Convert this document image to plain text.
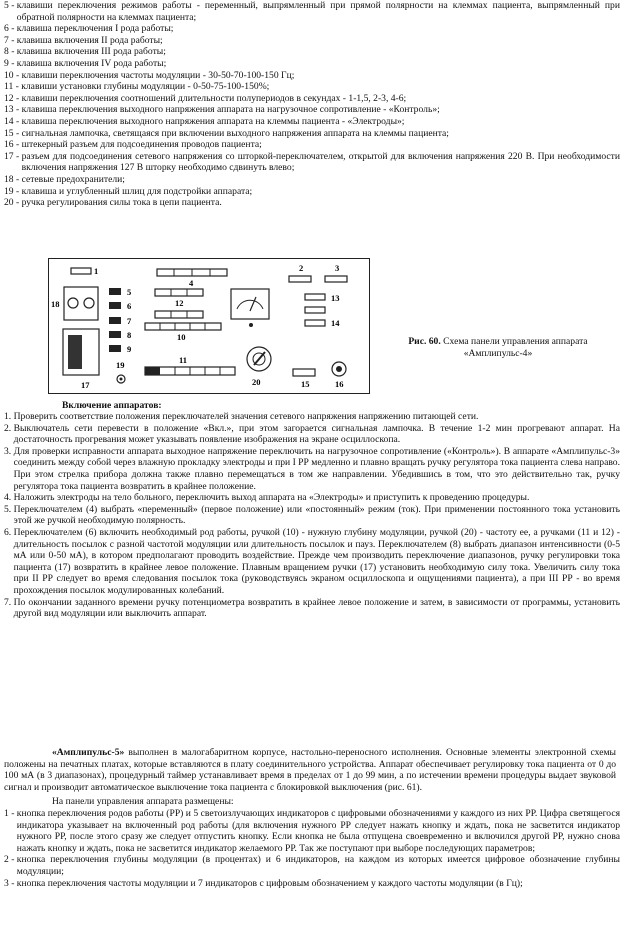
5 - клавиши переключения режимов работы - переменный, выпрямленный при прямой полярности на клеммах пациента, выпрямленный при обратной полярности на клеммах пациента;
6 - клавиша переключения I рода работы;
7 - клавиша включения II рода работы;
8 - клавиша включения III рода работы;
9 - клавиша включения IV рода работы;
10 - клавиши переключения частоты модуляции - 30-50-70-100-150 Гц;
11 - клавиши установки глубины модуляции - 0-50-75-100-150%;
12 - клавиши переключения соотношений длительности полупериодов в секундах - 1-1,5, 2-3, 4-6;
13 - клавиша переключения выходного напряжения аппарата на нагрузочное сопротивление - «Контроль»;
14 - клавиша переключения выходного напряжения аппарата на клеммы пациента - «Электроды»;
15 - сигнальная лампочка, светящаяся при включении выходного напряжения аппарата на клеммы пациента;
16 - штекерный разъем для подсоединения проводов пациента;
17 - разъем для подсоединения сетевого напряжения со шторкой-переключателем, открытой для включения напряжения 220 В. При необходимости включения напряжения 127 В шторку необходимо сдвинуть влево;
18 - сетевые предохранители;
19 - клавиша и углубленный шлиц для подстройки аппарата;
20 - ручка регулирования силы тока в цепи пациента.
1	2	3
4
18
5
6
7
8
9
17
19
12
10
11
13
14
20	15	16
Рис. 60. Схема панели управления аппарата «Амплипульс-4»
Включение аппаратов:
1. Проверить соответствие положения переключателей значения сетевого напряжения напряжению питающей сети.
2. Выключатель сети перевести в положение «Вкл.», при этом загорается сигнальная лампочка. В течение 1-2 мин прогревают аппарат. На достаточность прогревания может указывать появление изображения на экране осциллоскопа.
3. Для проверки исправности аппарата выходное напряжение переключить на нагрузочное сопротивление («Контроль»). В аппарате «Амплипульс-3» соединить между собой через влажную прокладку электроды и при I РР медленно и плавно вращать ручку регулятора тока пациента слева направо. При этом стрелка прибора должна также плавно перемещаться в том же направлении. Убедившись в том, что это действительно так, ручку регулятора тока пациента возвратить в крайнее положение.
4. Наложить электроды на тело больного, переключить выход аппарата на «Электроды» и приступить к проведению процедуры.
5. Переключателем (4) выбрать «переменный» (первое положение) или «постоянный» режим (ток). При применении постоянного тока установить этой же ручкой необходимую полярность.
6. Переключателем (6) включить необходимый род работы, ручкой (10) - нужную глубину модуляции, ручкой (20) - частоту ее, а ручками (11 и 12) - длительность посылок с разной частотой модуляции или длительность посылок и пауз. Переключателем (8) выбрать диапазон интенсивности (0-5 мА или 0-50 мА), в котором предполагают проводить воздействие. Прежде чем производить переключение диапазонов, ручку регулировки тока пациента (17) возвратить в крайнее левое положение. Плавным вращением ручки (17) установить необходимую силу тока. Увеличить силу тока при II РР следует во время следования посылок тока (руководствуясь экраном осциллоскопа и ощущениями пациента), а при III РР - во время прохождения посылок модулированных колебаний.
7. По окончании заданного времени ручку потенциометра возвратить в крайнее левое положение и затем, в зависимости от программы, установить другой вид модуляции или выключить аппарат.
«Амплипульс-5» выполнен в малогабаритном корпусе, настольно-переносного исполнения. Основные элементы электронной схемы положены на печатных платах, которые вставляются в плату соединительного устройства. Аппарат обеспечивает регулировку тока пациента от 0 до 100 мА (в 3 диапазонах), процедурный таймер устанавливает время в пределах от 1 до 99 мин, а по истечении времени процедуры выдает звуковой сигнал и производит автоматическое выключение тока пациента с блокировкой выключения (рис. 61).
На панели управления аппарата размещены:
1 - кнопка переключения родов работы (РР) и 5 светоизлучающих индикаторов с цифровыми обозначениями у каждого из них РР. Цифра светящегося индикатора указывает на включенный род работы (для включения нужного РР следует нажать кнопку и ждать, пока не засветится индикатор нужного РР, после этого сразу же следует отпустить кнопку. Если кнопка не была отпущена своевременно и включился другой РР, нужно снова нажать кнопку и ждать, пока не засветится индикатор желаемого РР. Так же поступают при выборе последующих параметров;
2 - кнопка переключения глубины модуляции (в процентах) и 6 индикаторов, на каждом из которых имеется цифровое обозначение глубины модуляции;
3 - кнопка переключения частоты модуляции и 7 индикаторов с цифровым обозначением у каждого частоты модуляции (в Гц);
